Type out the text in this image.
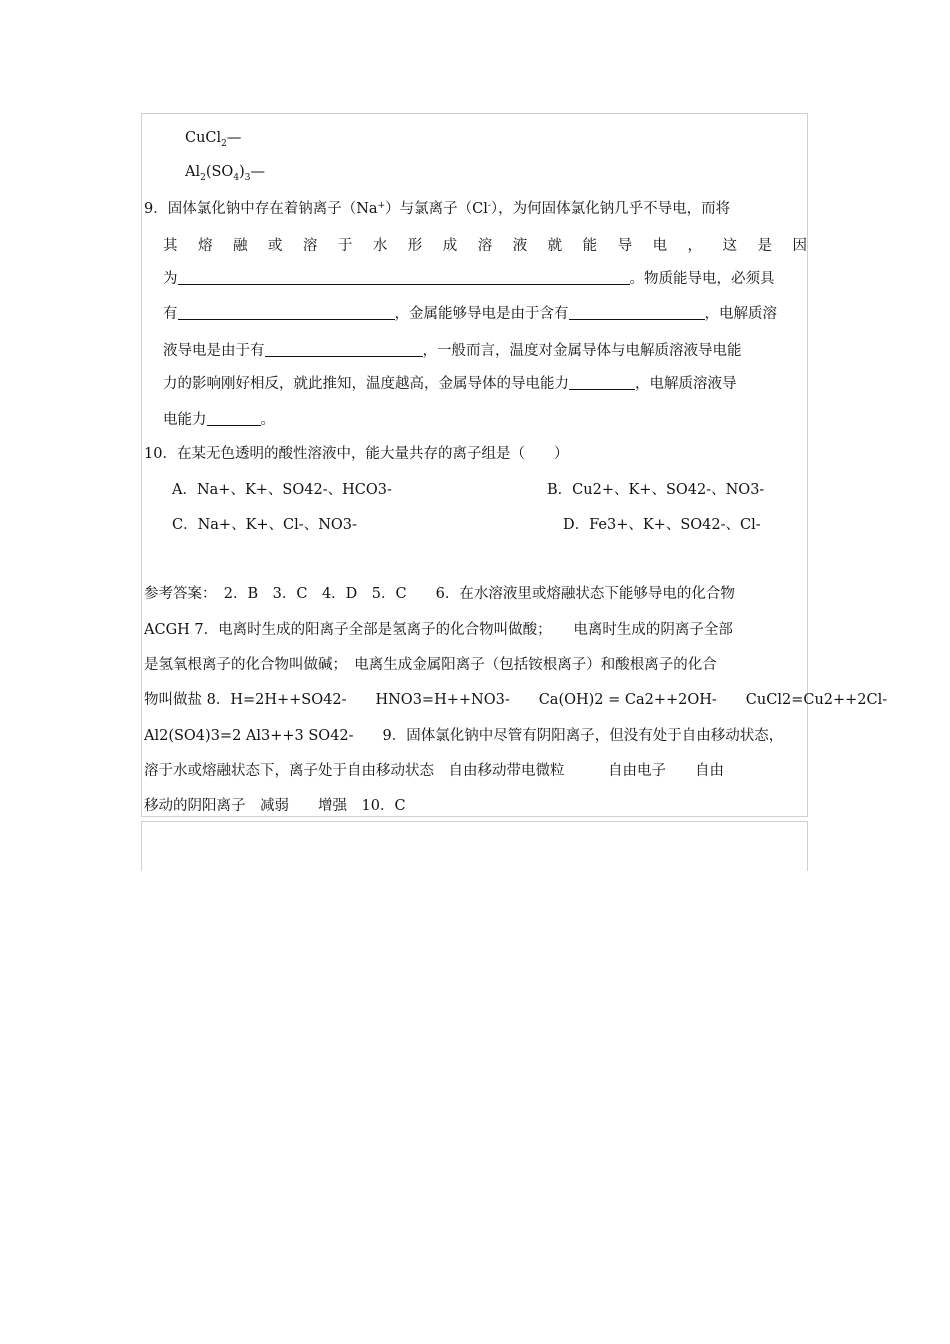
CuCl$_2$—
$Al_2(SO_4)_3—$
9．固体氯化钠中存在着钠离子（Na+）与氯离子（Cl-），为何固体氯化钠几乎不导电，而将
其 熔 融 或 溶 于 水 形 成 溶 液 就 能 导 电 ， 这 是 因
为	。物质能导电，必须具
有	，金属能够导电是由于含有	，电解质溶
液导电是由于有	，一般而言，温度对金属导体与电解质溶液导电能
力的影响刚好相反，就此推知，温度越高，金属导体的导电能力	，电解质溶液导
电能力	。
10．在某无色透明的酸性溶液中，能大量共存的离子组是（　　）
A．Na+、K+、SO42-、HCO3-	B．Cu2+、K+、SO42-、NO3-
C．Na+、K+、Cl-、NO3-	D．Fe3+、K+、SO42-、Cl-
参考答案：　2．B　3．C　4．D　5．C　　6．在水溶液里或熔融状态下能够导电的化合物
ACGH 7．电离时生成的阳离子全部是氢离子的化合物叫做酸；　　电离时生成的阴离子全部
是氢氧根离子的化合物叫做碱；　电离生成金属阳离子（包括铵根离子）和酸根离子的化合
物叫做盐 8．H=2H++SO42-　　HNO3=H++NO3-　　Ca(OH)2 = Ca2++2OH-　　CuCl2=Cu2++2Cl-
Al2(SO4)3=2 Al3++3 SO42-　　9．固体氯化钠中尽管有阴阳离子，但没有处于自由移动状态，
溶于水或熔融状态下，离子处于自由移动状态　自由移动带电微粒　　　自由电子　　自由
移动的阴阳离子　减弱　　增强　10．C
